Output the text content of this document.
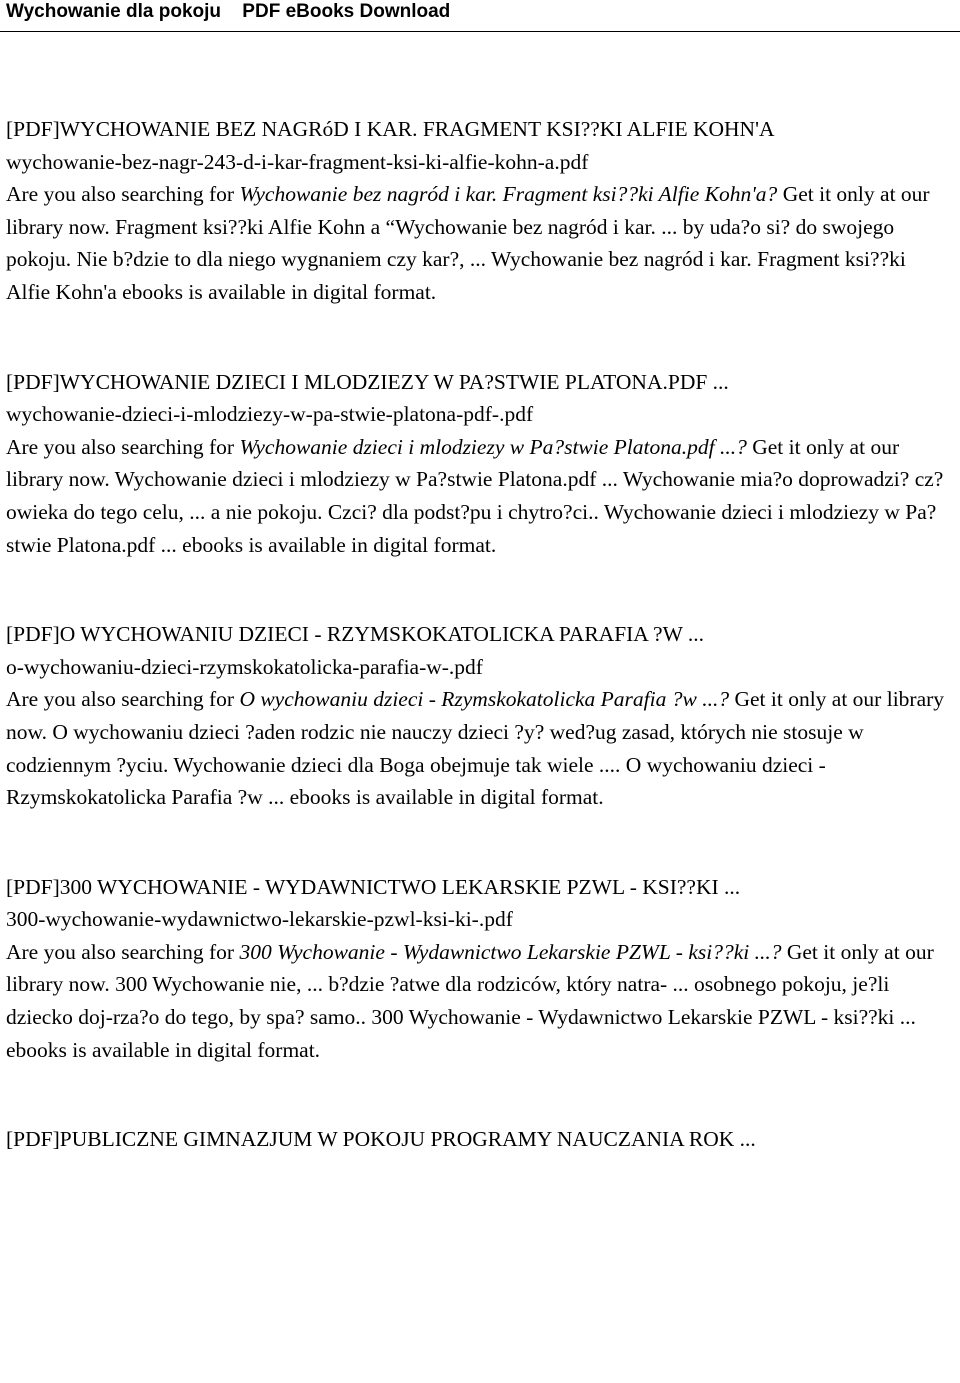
Wychowanie dla pokoju PDF eBooks Download
[PDF]WYCHOWANIE BEZ NAGRóD I KAR. FRAGMENT KSI??KI ALFIE KOHN'A
wychowanie-bez-nagr-243-d-i-kar-fragment-ksi-ki-alfie-kohn-a.pdf

Are you also searching for Wychowanie bez nagród i kar. Fragment ksi??ki Alfie Kohn'a? Get it only at our library now. Fragment ksi??ki Alfie Kohn a “Wychowanie bez nagród i kar. ... by uda?o si? do swojego pokoju. Nie b?dzie to dla niego wygnaniem czy kar?, ... Wychowanie bez nagród i kar. Fragment ksi??ki Alfie Kohn'a ebooks is available in digital format.

[PDF]WYCHOWANIE DZIECI I MLODZIEZY W PA?STWIE PLATONA.PDF ...
wychowanie-dzieci-i-mlodziezy-w-pa-stwie-platona-pdf-.pdf

Are you also searching for Wychowanie dzieci i mlodziezy w Pa?stwie Platona.pdf ...? Get it only at our library now. Wychowanie dzieci i mlodziezy w Pa?stwie Platona.pdf ... Wychowanie mia?o doprowadzi? cz?owieka do tego celu, ... a nie pokoju. Czci? dla podst?pu i chytro?ci.. Wychowanie dzieci i mlodziezy w Pa?stwie Platona.pdf ... ebooks is available in digital format.

[PDF]O WYCHOWANIU DZIECI - RZYMSKOKATOLICKA PARAFIA ?W ...
o-wychowaniu-dzieci-rzymskokatolicka-parafia-w-.pdf

Are you also searching for O wychowaniu dzieci - Rzymskokatolicka Parafia ?w ...? Get it only at our library now. O wychowaniu dzieci ?aden rodzic nie nauczy dzieci ?y? wed?ug zasad, których nie stosuje w codziennym ?yciu. Wychowanie dzieci dla Boga obejmuje tak wiele .... O wychowaniu dzieci - Rzymskokatolicka Parafia ?w ... ebooks is available in digital format.

[PDF]300 WYCHOWANIE - WYDAWNICTWO LEKARSKIE PZWL - KSI??KI ...
300-wychowanie-wydawnictwo-lekarskie-pzwl-ksi-ki-.pdf

Are you also searching for 300 Wychowanie - Wydawnictwo Lekarskie PZWL - ksi??ki ...? Get it only at our library now. 300 Wychowanie nie, ... b?dzie ?atwe dla rodziców, który natra- ... osobnego pokoju, je?li dziecko doj-rza?o do tego, by spa? samo.. 300 Wychowanie - Wydawnictwo Lekarskie PZWL - ksi??ki ... ebooks is available in digital format.

[PDF]PUBLICZNE GIMNAZJUM W POKOJU PROGRAMY NAUCZANIA ROK ...
